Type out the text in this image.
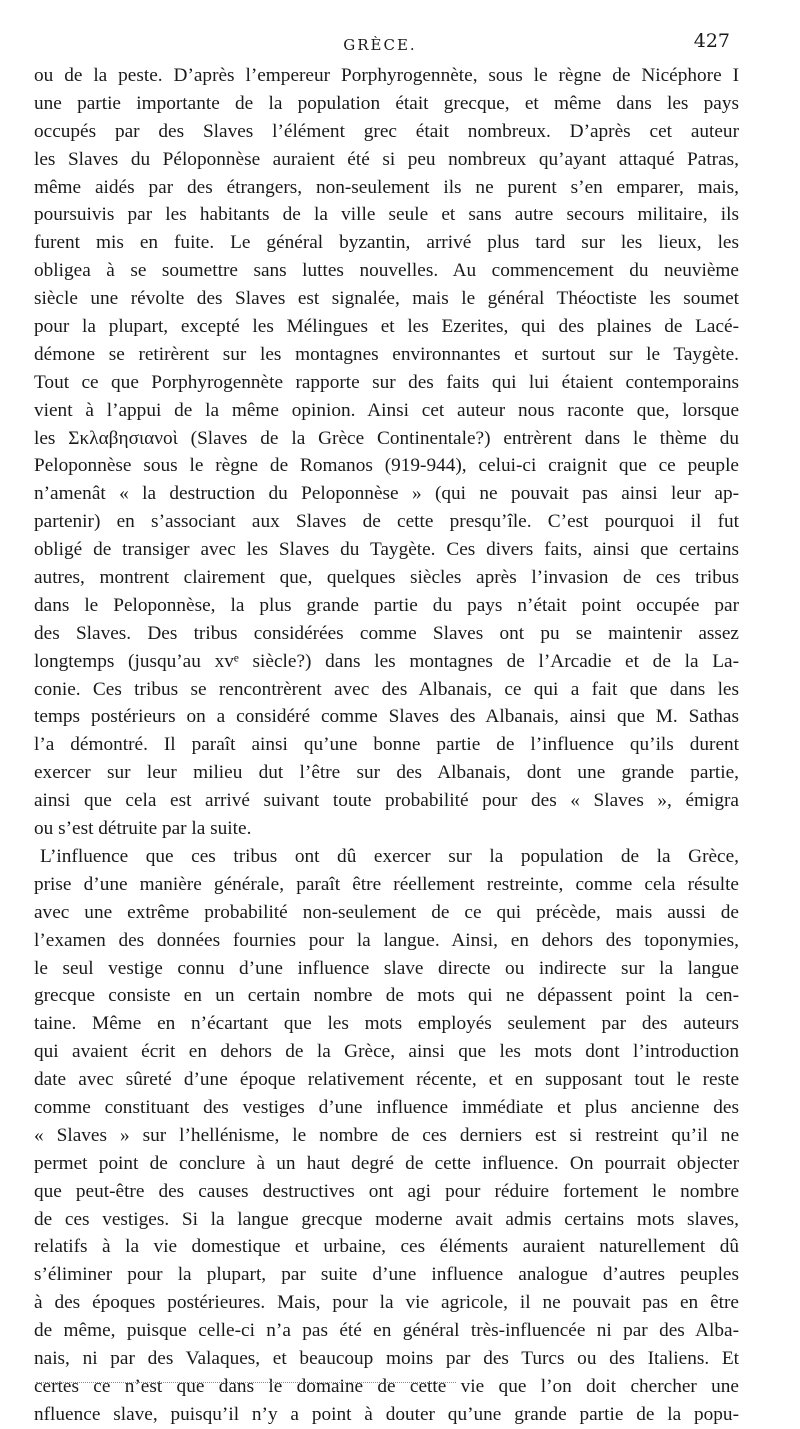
GRÈCE.	427
ou de la peste. D’après l’empereur Porphyrogennète, sous le règne de Nicéphore I
une partie importante de la population était grecque, et même dans les pays
occupés par des Slaves l’élément grec était nombreux. D’après cet auteur
les Slaves du Péloponnèse auraient été si peu nombreux qu’ayant attaqué Patras,
même aidés par des étrangers, non-seulement ils ne purent s’en emparer, mais,
poursuivis par les habitants de la ville seule et sans autre secours militaire, ils
furent mis en fuite. Le général byzantin, arrivé plus tard sur les lieux, les
obligea à se soumettre sans luttes nouvelles. Au commencement du neuvième
siècle une révolte des Slaves est signalée, mais le général Théoctiste les soumet
pour la plupart, excepté les Mélingues et les Ezerites, qui des plaines de Lacé-
démone se retirèrent sur les montagnes environnantes et surtout sur le Taygète.
Tout ce que Porphyrogennète rapporte sur des faits qui lui étaient contemporains
vient à l’appui de la même opinion. Ainsi cet auteur nous raconte que, lorsque
les Σκλαβησιανοὶ (Slaves de la Grèce Continentale?) entrèrent dans le thème du
Peloponnèse sous le règne de Romanos (919-944), celui-ci craignit que ce peuple
n’amenât « la destruction du Peloponnèse » (qui ne pouvait pas ainsi leur ap-
partenir) en s’associant aux Slaves de cette presqu’île. C’est pourquoi il fut
obligé de transiger avec les Slaves du Taygète. Ces divers faits, ainsi que certains
autres, montrent clairement que, quelques siècles après l’invasion de ces tribus
dans le Peloponnèse, la plus grande partie du pays n’était point occupée par
des Slaves. Des tribus considérées comme Slaves ont pu se maintenir assez
longtemps (jusqu’au xvᵉ siècle?) dans les montagnes de l’Arcadie et de la La-
conie. Ces tribus se rencontrèrent avec des Albanais, ce qui a fait que dans les
temps postérieurs on a considéré comme Slaves des Albanais, ainsi que M. Sathas
l’a démontré. Il paraît ainsi qu’une bonne partie de l’influence qu’ils durent
exercer sur leur milieu dut l’être sur des Albanais, dont une grande partie,
ainsi que cela est arrivé suivant toute probabilité pour des « Slaves », émigra
ou s’est détruite par la suite.
L’influence que ces tribus ont dû exercer sur la population de la Grèce,
prise d’une manière générale, paraît être réellement restreinte, comme cela résulte
avec une extrême probabilité non-seulement de ce qui précède, mais aussi de
l’examen des données fournies pour la langue. Ainsi, en dehors des toponymies,
le seul vestige connu d’une influence slave directe ou indirecte sur la langue
grecque consiste en un certain nombre de mots qui ne dépassent point la cen-
taine. Même en n’écartant que les mots employés seulement par des auteurs
qui avaient écrit en dehors de la Grèce, ainsi que les mots dont l’introduction
date avec sûreté d’une époque relativement récente, et en supposant tout le reste
comme constituant des vestiges d’une influence immédiate et plus ancienne des
« Slaves » sur l’hellénisme, le nombre de ces derniers est si restreint qu’il ne
permet point de conclure à un haut degré de cette influence. On pourrait objecter
que peut-être des causes destructives ont agi pour réduire fortement le nombre
de ces vestiges. Si la langue grecque moderne avait admis certains mots slaves,
relatifs à la vie domestique et urbaine, ces éléments auraient naturellement dû
s’éliminer pour la plupart, par suite d’une influence analogue d’autres peuples
à des époques postérieures. Mais, pour la vie agricole, il ne pouvait pas en être
de même, puisque celle-ci n’a pas été en général très-influencée ni par des Alba-
nais, ni par des Valaques, et beaucoup moins par des Turcs ou des Italiens. Et
certes ce n’est que dans le domaine de cette vie que l’on doit chercher une
nfluence slave, puisqu’il n’y a point à douter qu’une grande partie de la popu-
